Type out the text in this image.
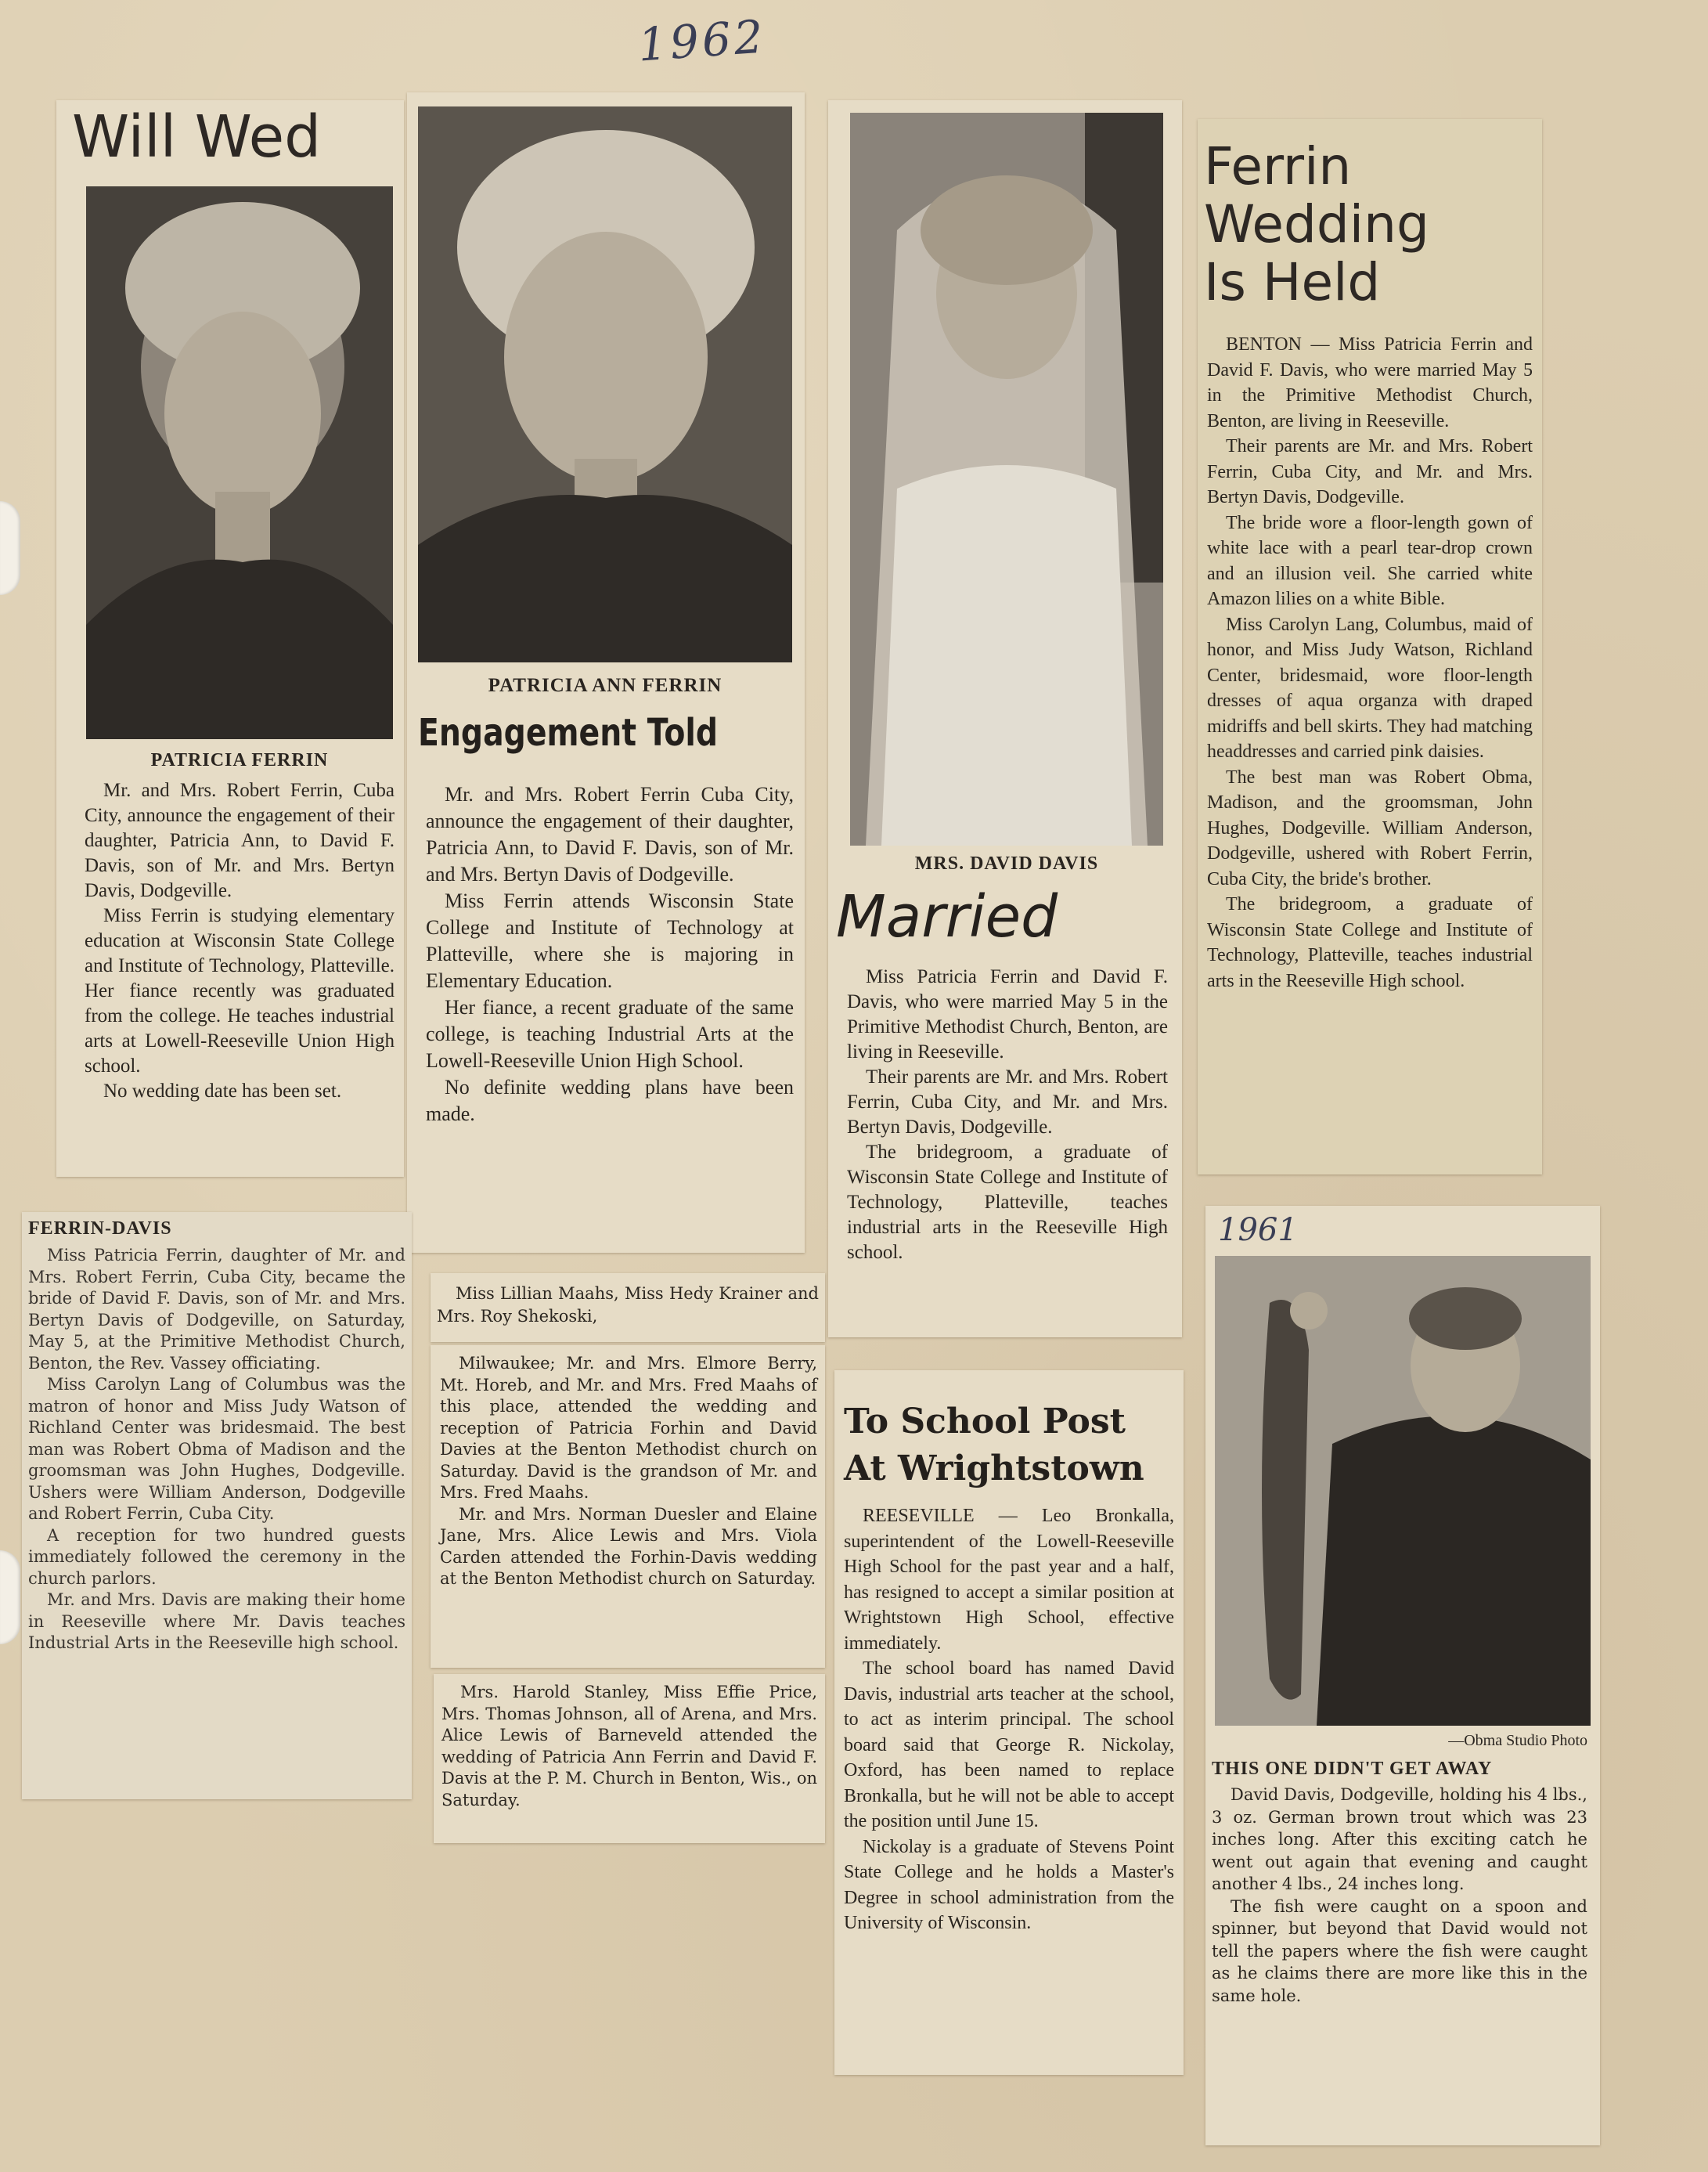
1962
Will Wed
PATRICIA FERRIN

Mr. and Mrs. Robert Ferrin, Cuba City, announce the engagement of their daughter, Patricia Ann, to David F. Davis, son of Mr. and Mrs. Bertyn Davis, Dodgeville.

Miss Ferrin is studying elementary education at Wisconsin State College and Institute of Technology, Platteville. Her fiance recently was graduated from the college. He teaches industrial arts at Lowell-Reeseville Union High school.

No wedding date has been set.

PATRICIA ANN FERRIN
Engagement Told

Mr. and Mrs. Robert Ferrin Cuba City, announce the engagement of their daughter, Patricia Ann, to David F. Davis, son of Mr. and Mrs. Bertyn Davis of Dodgeville.

Miss Ferrin attends Wisconsin State College and Institute of Technology at Platteville, where she is majoring in Elementary Education.

Her fiance, a recent graduate of the same college, is teaching Industrial Arts at the Lowell-Reeseville Union High School.

No definite wedding plans have been made.

MRS. DAVID DAVIS
Married

Miss Patricia Ferrin and David F. Davis, who were married May 5 in the Primitive Methodist Church, Benton, are living in Reeseville.

Their parents are Mr. and Mrs. Robert Ferrin, Cuba City, and Mr. and Mrs. Bertyn Davis, Dodgeville.

The bridegroom, a graduate of Wisconsin State College and Institute of Technology, Platteville, teaches industrial arts in the Reeseville High school.

Ferrin
Wedding
Is Held

BENTON — Miss Patricia Ferrin and David F. Davis, who were married May 5 in the Primitive Methodist Church, Benton, are living in Reeseville.

Their parents are Mr. and Mrs. Robert Ferrin, Cuba City, and Mr. and Mrs. Bertyn Davis, Dodgeville.

The bride wore a floor-length gown of white lace with a pearl tear-drop crown and an illusion veil. She carried white Amazon lilies on a white Bible.

Miss Carolyn Lang, Columbus, maid of honor, and Miss Judy Watson, Richland Center, bridesmaid, wore floor-length dresses of aqua organza with draped midriffs and bell skirts. They had matching headdresses and carried pink daisies.

The best man was Robert Obma, Madison, and the groomsman, John Hughes, Dodgeville. William Anderson, Dodgeville, ushered with Robert Ferrin, Cuba City, the bride's brother.

The bridegroom, a graduate of Wisconsin State College and Institute of Technology, Platteville, teaches industrial arts in the Reeseville High school.

FERRIN-DAVIS

Miss Patricia Ferrin, daughter of Mr. and Mrs. Robert Ferrin, Cuba City, became the bride of David F. Davis, son of Mr. and Mrs. Bertyn Davis of Dodgeville, on Saturday, May 5, at the Primitive Methodist Church, Benton, the Rev. Vassey officiating.

Miss Carolyn Lang of Columbus was the matron of honor and Miss Judy Watson of Richland Center was bridesmaid. The best man was Robert Obma of Madison and the groomsman was John Hughes, Dodgeville. Ushers were William Anderson, Dodgeville and Robert Ferrin, Cuba City.

A reception for two hundred guests immediately followed the ceremony in the church parlors.

Mr. and Mrs. Davis are making their home in Reeseville where Mr. Davis teaches Industrial Arts in the Reeseville high school.

Miss Lillian Maahs, Miss Hedy Krainer and Mrs. Roy Shekoski,

Milwaukee; Mr. and Mrs. Elmore Berry, Mt. Horeb, and Mr. and Mrs. Fred Maahs of this place, attended the wedding and reception of Patricia Forhin and David Davies at the Benton Methodist church on Saturday. David is the grandson of Mr. and Mrs. Fred Maahs.

Mr. and Mrs. Norman Duesler and Elaine Jane, Mrs. Alice Lewis and Mrs. Viola Carden attended the Forhin-Davis wedding at the Benton Methodist church on Saturday.

Mrs. Harold Stanley, Miss Effie Price, Mrs. Thomas Johnson, all of Arena, and Mrs. Alice Lewis of Barneveld attended the wedding of Patricia Ann Ferrin and David F. Davis at the P. M. Church in Benton, Wis., on Saturday.

To School Post
At Wrightstown

REESEVILLE — Leo Bronkalla, superintendent of the Lowell-Reeseville High School for the past year and a half, has resigned to accept a similar position at Wrightstown High School, effective immediately.

The school board has named David Davis, industrial arts teacher at the school, to act as interim principal. The school board said that George R. Nickolay, Oxford, has been named to replace Bronkalla, but he will not be able to accept the position until June 15.

Nickolay is a graduate of Stevens Point State College and he holds a Master's Degree in school administration from the University of Wisconsin.

1961
—Obma Studio Photo
THIS ONE DIDN'T GET AWAY

David Davis, Dodgeville, holding his 4 lbs., 3 oz. German brown trout which was 23 inches long. After this exciting catch he went out again that evening and caught another 4 lbs., 24 inches long.

The fish were caught on a spoon and spinner, but beyond that David would not tell the papers where the fish were caught as he claims there are more like this in the same hole.
